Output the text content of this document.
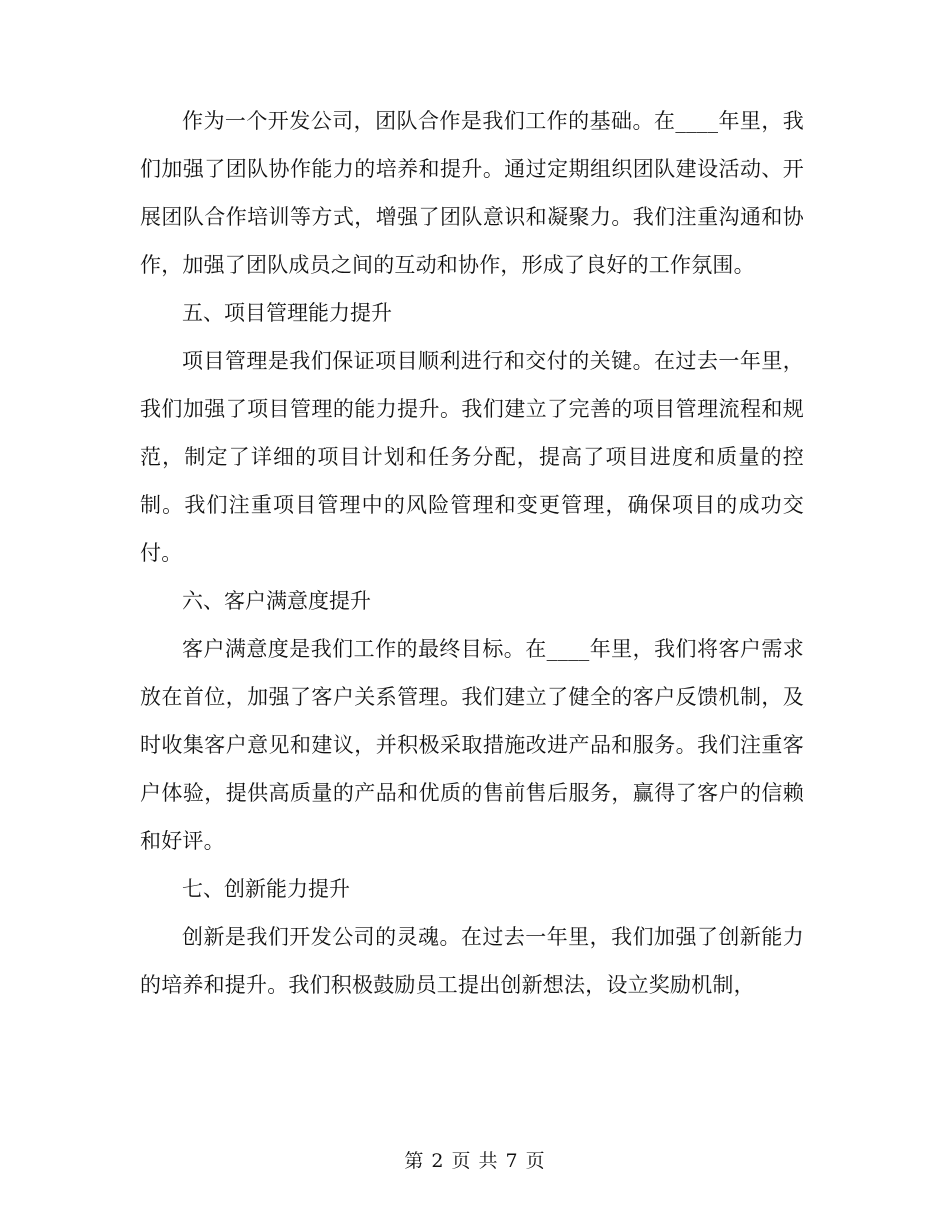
作为一个开发公司，团队合作是我们工作的基础。在____年里，我们加强了团队协作能力的培养和提升。通过定期组织团队建设活动、开展团队合作培训等方式，增强了团队意识和凝聚力。我们注重沟通和协作，加强了团队成员之间的互动和协作，形成了良好的工作氛围。

五、项目管理能力提升

项目管理是我们保证项目顺利进行和交付的关键。在过去一年里，我们加强了项目管理的能力提升。我们建立了完善的项目管理流程和规范，制定了详细的项目计划和任务分配，提高了项目进度和质量的控制。我们注重项目管理中的风险管理和变更管理，确保项目的成功交付。

六、客户满意度提升

客户满意度是我们工作的最终目标。在____年里，我们将客户需求放在首位，加强了客户关系管理。我们建立了健全的客户反馈机制，及时收集客户意见和建议，并积极采取措施改进产品和服务。我们注重客户体验，提供高质量的产品和优质的售前售后服务，赢得了客户的信赖和好评。

七、创新能力提升

创新是我们开发公司的灵魂。在过去一年里，我们加强了创新能力的培养和提升。我们积极鼓励员工提出创新想法，设立奖励机制，

第 2 页 共 7 页
